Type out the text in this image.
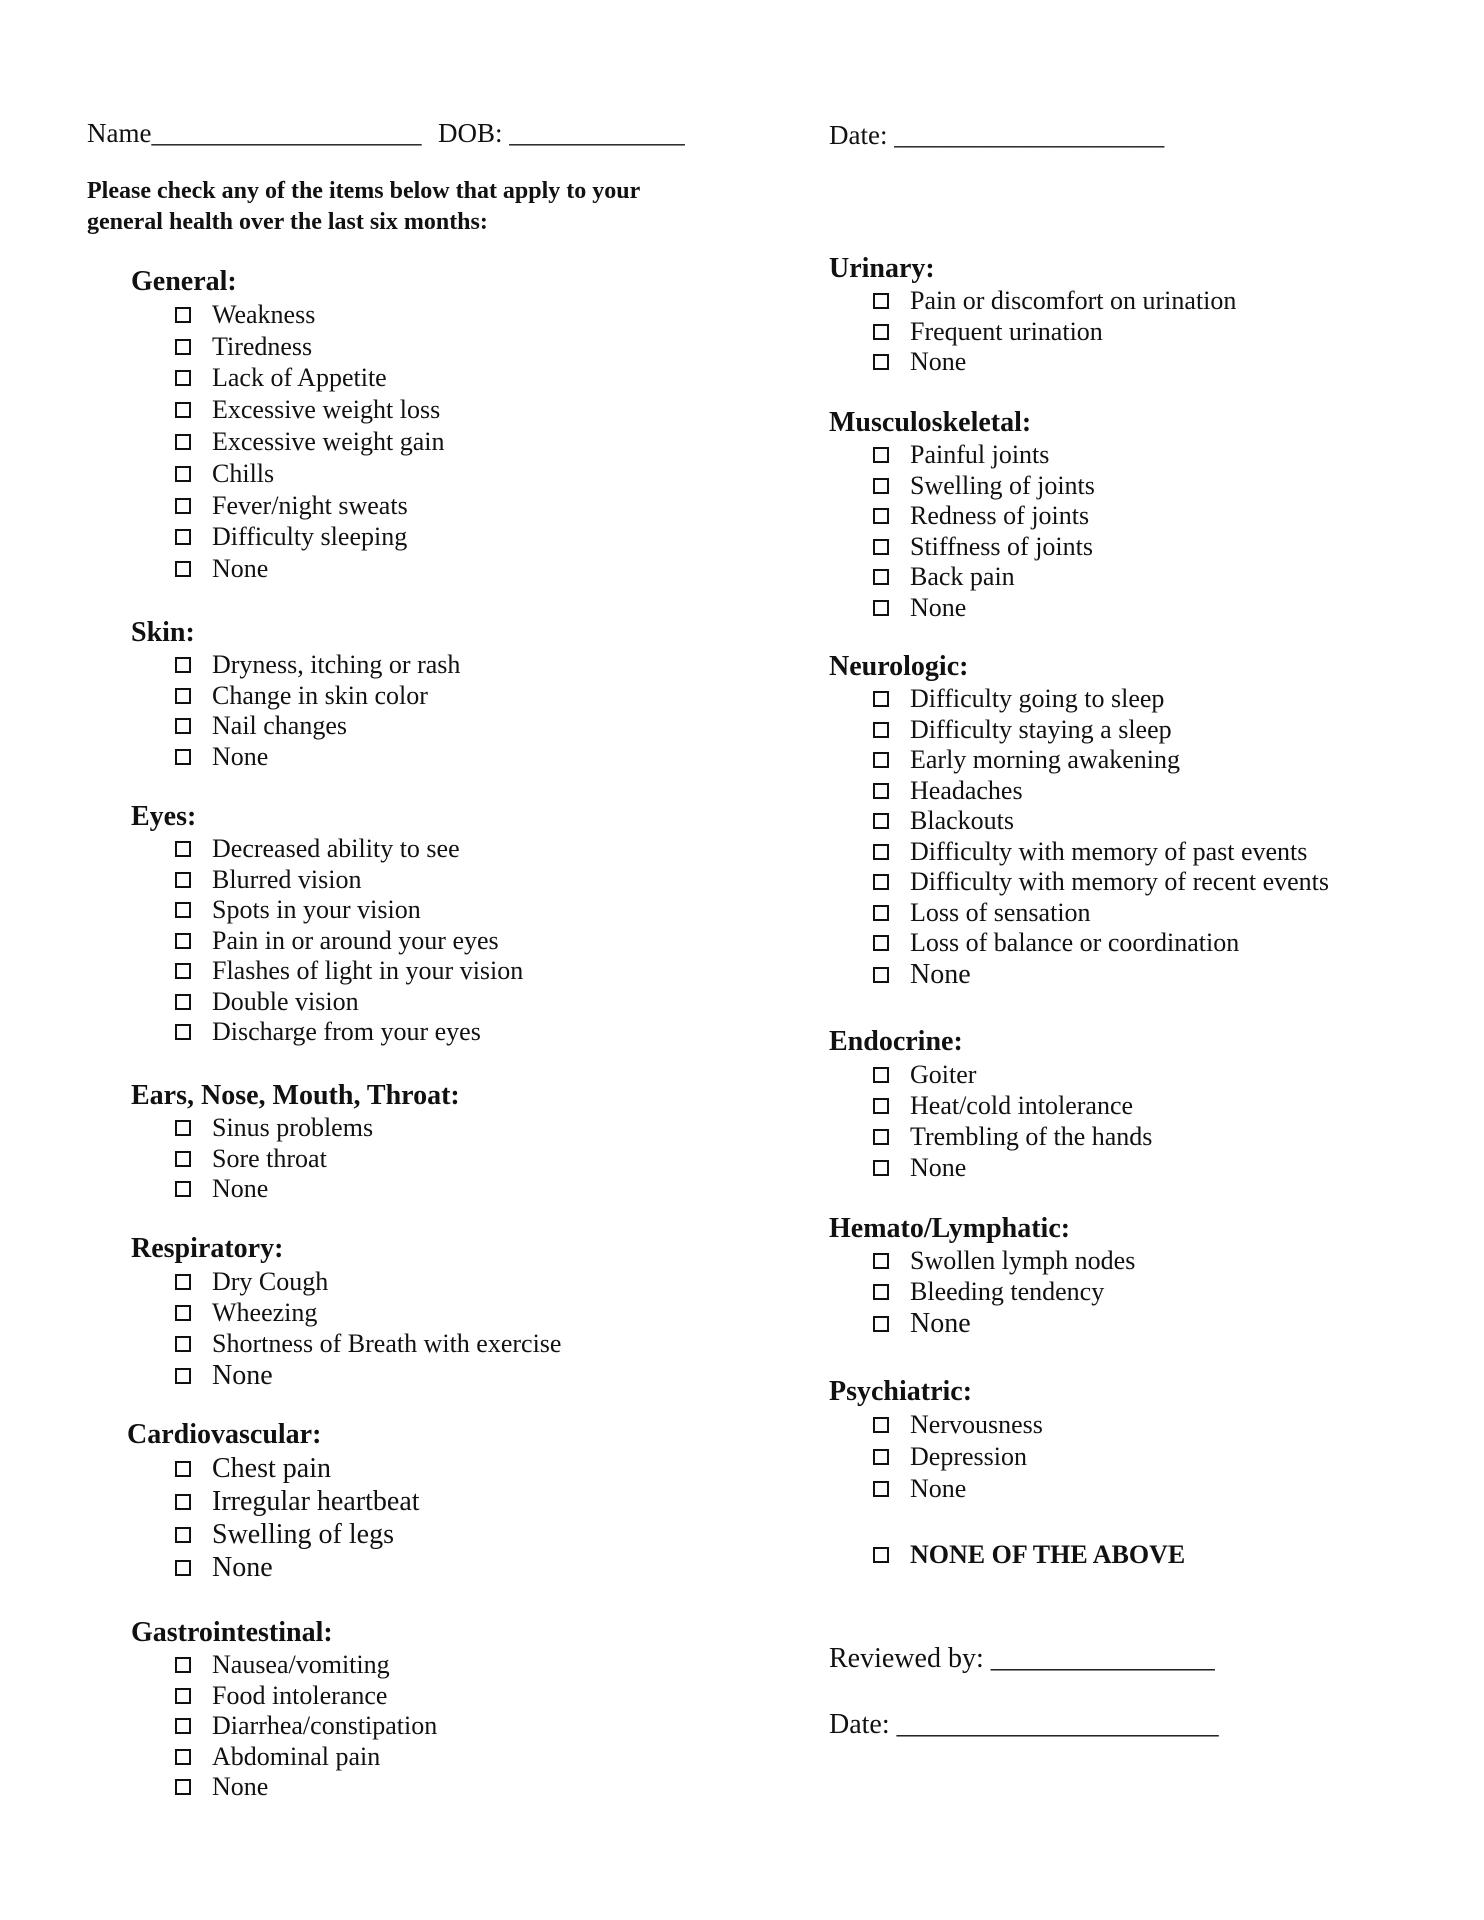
Name____________________ DOB: _____________	Date: ____________________
Please check any of the items below that apply to your general health over the last six months:
General:
Weakness
Tiredness
Lack of Appetite
Excessive weight loss
Excessive weight gain
Chills
Fever/night sweats
Difficulty sleeping
None
Skin:
Dryness, itching or rash
Change in skin color
Nail changes
None
Eyes:
Decreased ability to see
Blurred vision
Spots in your vision
Pain in or around your eyes
Flashes of light in your vision
Double vision
Discharge from your eyes
Ears, Nose, Mouth, Throat:
Sinus problems
Sore throat
None
Respiratory:
Dry Cough
Wheezing
Shortness of Breath with exercise
None
Cardiovascular:
Chest pain
Irregular heartbeat
Swelling of legs
None
Gastrointestinal:
Nausea/vomiting
Food intolerance
Diarrhea/constipation
Abdominal pain
None
Urinary:
Pain or discomfort on urination
Frequent urination
None
Musculoskeletal:
Painful joints
Swelling of joints
Redness of joints
Stiffness of joints
Back pain
None
Neurologic:
Difficulty going to sleep
Difficulty staying a sleep
Early morning awakening
Headaches
Blackouts
Difficulty with memory of past events
Difficulty with memory of recent events
Loss of sensation
Loss of balance or coordination
None
Endocrine:
Goiter
Heat/cold intolerance
Trembling of the hands
None
Hemato/Lymphatic:
Swollen lymph nodes
Bleeding tendency
None
Psychiatric:
Nervousness
Depression
None
NONE OF THE ABOVE
Reviewed by: ________________
Date: _______________________
